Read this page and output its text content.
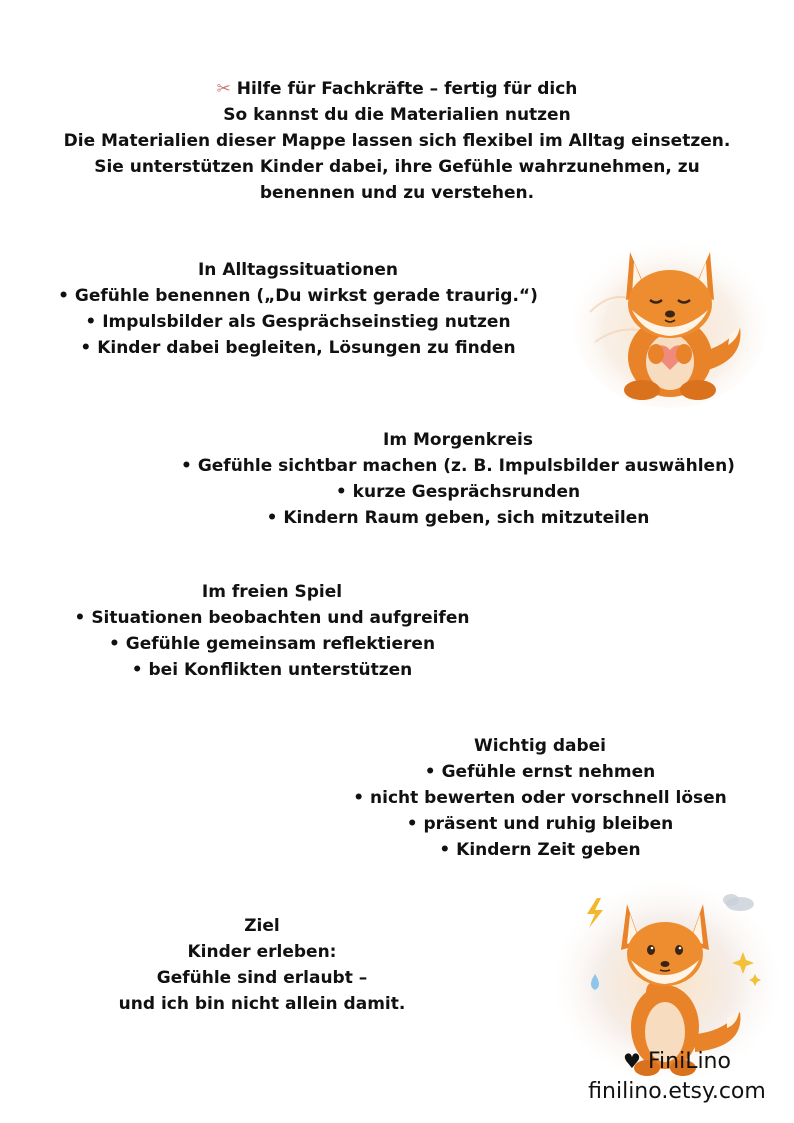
✂ Hilfe für Fachkräfte – fertig für dich
So kannst du die Materialien nutzen
Die Materialien dieser Mappe lassen sich flexibel im Alltag einsetzen.
Sie unterstützen Kinder dabei, ihre Gefühle wahrzunehmen, zu
benennen und zu verstehen.
In Alltagssituationen
• Gefühle benennen („Du wirkst gerade traurig.“)
• Impulsbilder als Gesprächseinstieg nutzen
• Kinder dabei begleiten, Lösungen zu finden
Im Morgenkreis
• Gefühle sichtbar machen (z. B. Impulsbilder auswählen)
• kurze Gesprächsrunden
• Kindern Raum geben, sich mitzuteilen
Im freien Spiel
• Situationen beobachten und aufgreifen
• Gefühle gemeinsam reflektieren
• bei Konflikten unterstützen
Wichtig dabei
• Gefühle ernst nehmen
• nicht bewerten oder vorschnell lösen
• präsent und ruhig bleiben
• Kindern Zeit geben
Ziel
Kinder erleben:
Gefühle sind erlaubt –
und ich bin nicht allein damit.
♥ FiniLino
finilino.etsy.com
